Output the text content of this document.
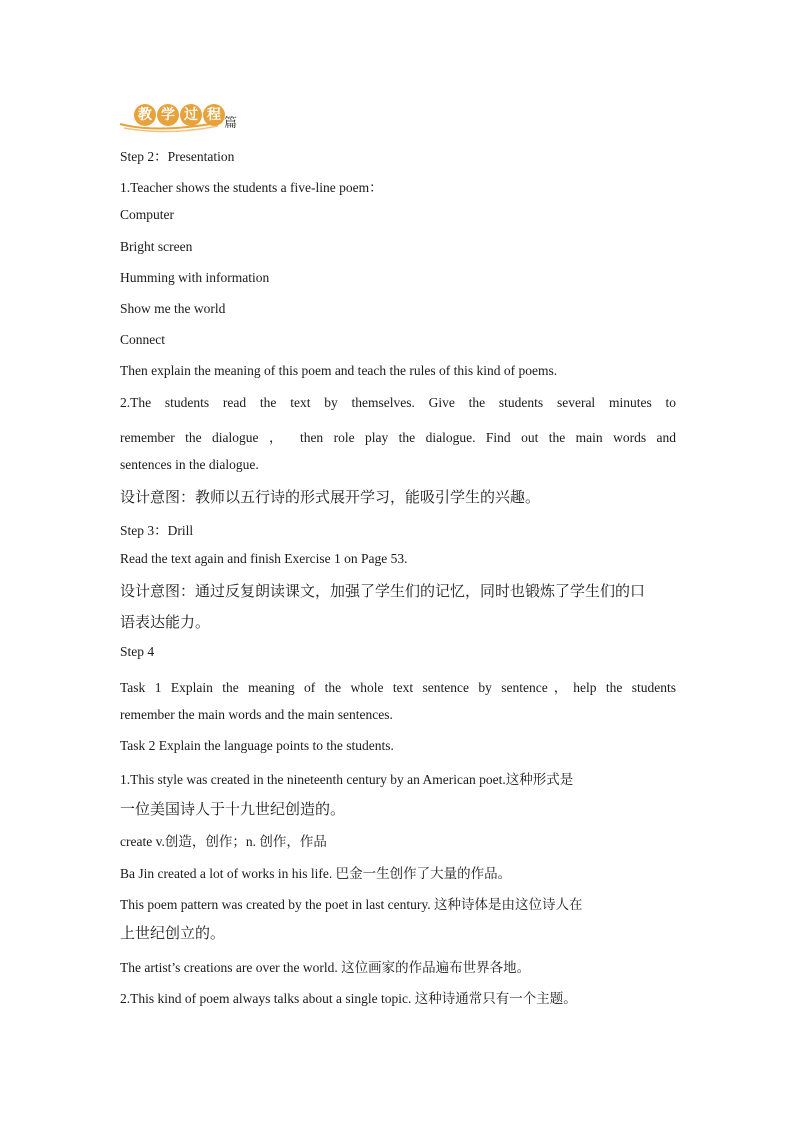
教 学 过 程
篇
Step 2：Presentation
1.Teacher shows the students a five-line poem：
Computer
Bright screen
Humming with information
Show me the world
Connect
Then explain the meaning of this poem and teach the rules of this kind of poems.
2.The students read the text by themselves. Give the students several minutes to
remember the dialogue ， then role play the dialogue. Find out the main words and
sentences in the dialogue.
设计意图：教师以五行诗的形式展开学习，能吸引学生的兴趣。
Step 3：Drill
Read the text again and finish Exercise 1 on Page 53.
设计意图：通过反复朗读课文，加强了学生们的记忆，同时也锻炼了学生们的口
语表达能力。
Step 4
Task 1 Explain the meaning of the whole text sentence by sentence，help the students
remember the main words and the main sentences.
Task 2 Explain the language points to the students.
1.This style was created in the nineteenth century by an American poet.这种形式是
一位美国诗人于十九世纪创造的。
create v.创造，创作；n. 创作，作品
Ba Jin created a lot of works in his life. 巴金一生创作了大量的作品。
This poem pattern was created by the poet in last century. 这种诗体是由这位诗人在
上世纪创立的。
The artist’s creations are over the world. 这位画家的作品遍布世界各地。
2.This kind of poem always talks about a single topic. 这种诗通常只有一个主题。
